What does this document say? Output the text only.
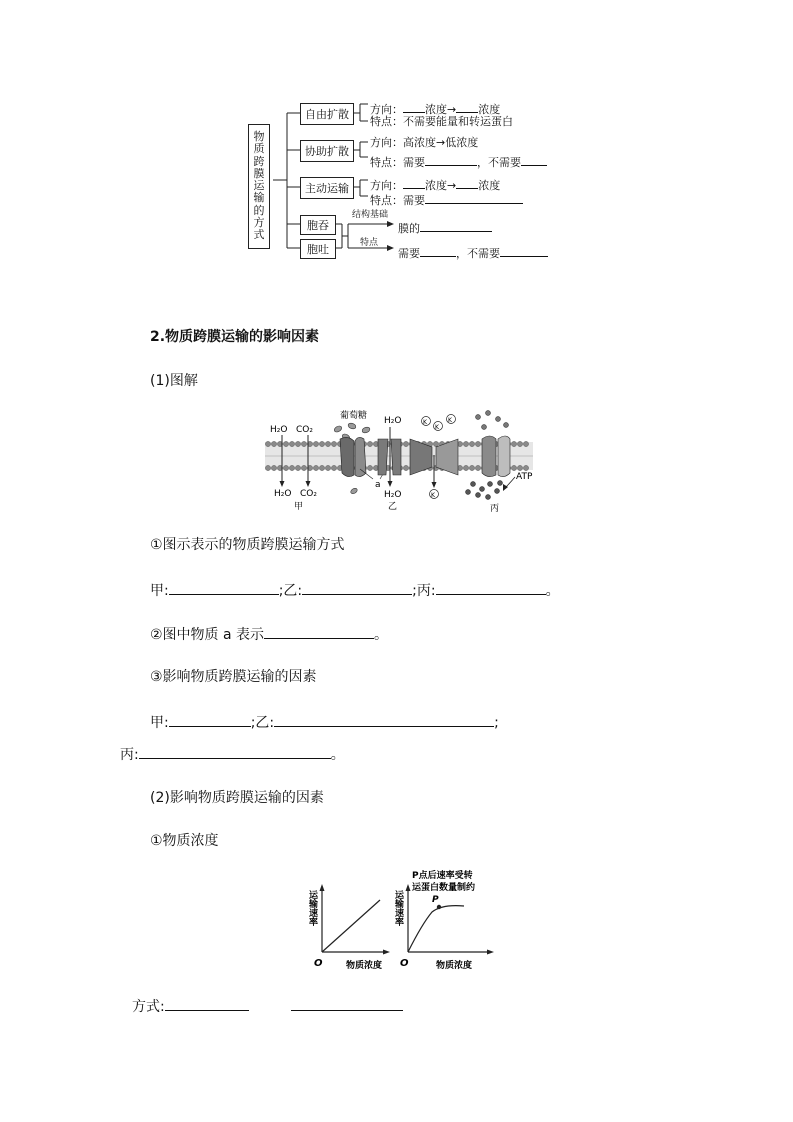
物质跨膜运输的方式
自由扩散
协助扩散
主动运输
胞吞
胞吐
方向： 浓度→ 浓度
特点：不需要能量和转运蛋白
方向：高浓度→低浓度
特点：需要	，不需要
方向： 浓度→ 浓度
特点：需要
结构基础
膜的
特点
需要	，不需要
2.物质跨膜运输的影响因素
(1)图解
H₂O CO₂
H₂O CO₂
甲
葡萄糖
a
H₂O
H₂O
乙
K
K
K
K
ATP
丙
①图示表示的物质跨膜运输方式
甲:	;乙:	;丙:	。
②图中物质 a 表示	。
③影响物质跨膜运输的因素
甲:	;乙:	;
丙:	。
(2)影响物质跨膜运输的因素
①物质浓度
运输速率
O	物质浓度
运输速率
O	物质浓度
P点后速率受转
运蛋白数量制约
P
方式:
